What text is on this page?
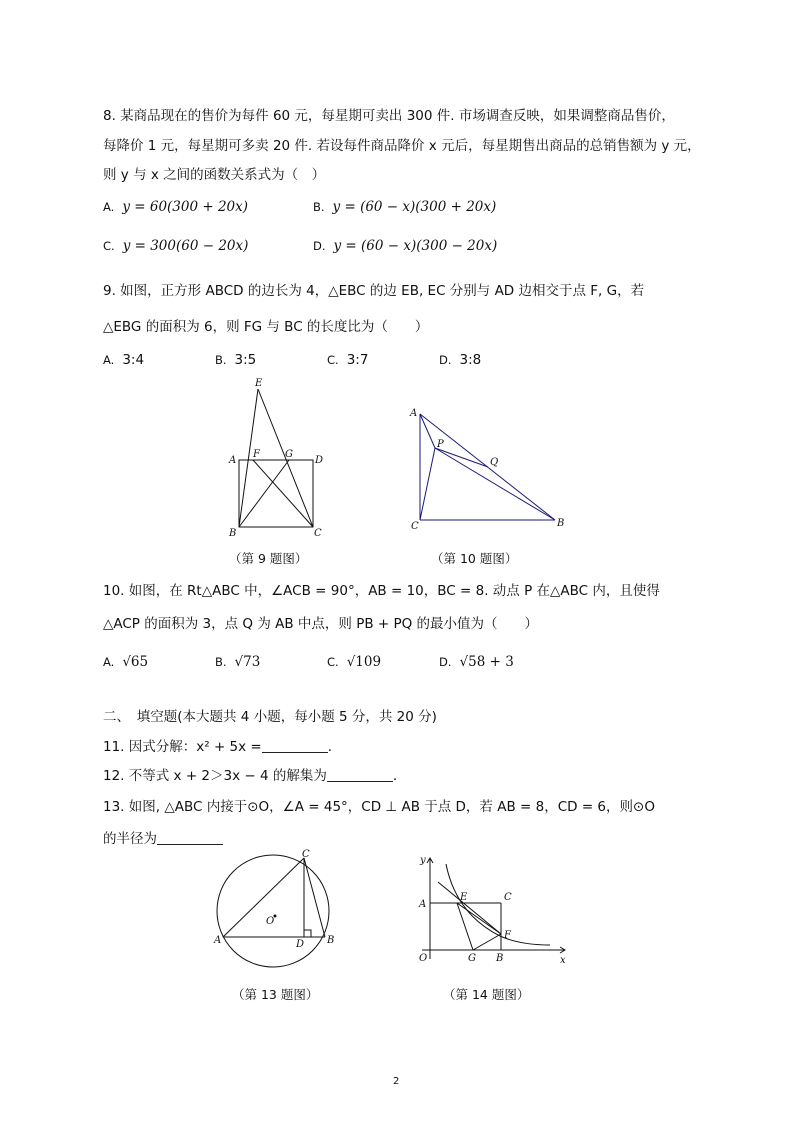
8. 某商品现在的售价为每件 60 元，每星期可卖出 300 件. 市场调查反映，如果调整商品售价，
每降价 1 元，每星期可多卖 20 件. 若设每件商品降价 x 元后，每星期售出商品的总销售额为 y 元，
则 y 与 x 之间的函数关系式为（　）
A. y = 60(300 + 20x)	B. y = (60 − x)(300 + 20x)
C. y = 300(60 − 20x)	D. y = (60 − x)(300 − 20x)
9. 如图，正方形 ABCD 的边长为 4，△EBC 的边 EB, EC 分别与 AD 边相交于点 F, G，若
△EBG 的面积为 6，则 FG 与 BC 的长度比为（　　）
A. 3:4	B. 3:5	C. 3:7	D. 3:8
E
A
F	G
D
B	C
A
P
Q
C	B
（第 9 题图）	（第 10 题图）
10. 如图，在 Rt△ABC 中，∠ACB = 90°，AB = 10，BC = 8. 动点 P 在△ABC 内，且使得
△ACP 的面积为 3，点 Q 为 AB 中点，则 PB + PQ 的最小值为（　　）
A. √65	B. √73	C. √109	D. √58 + 3
二、　填空题(本大题共 4 小题，每小题 5 分，共 20 分)
11. 因式分解：x² + 5x =	.
12. 不等式 x + 2＞3x − 4 的解集为	.
13. 如图, △ABC 内接于⊙O，∠A = 45°，CD ⊥ AB 于点 D，若 AB = 8，CD = 6，则⊙O
的半径为
C
O
A	D B
y
A
E	C
F
O	G B	x
（第 13 题图）	（第 14 题图）
2
